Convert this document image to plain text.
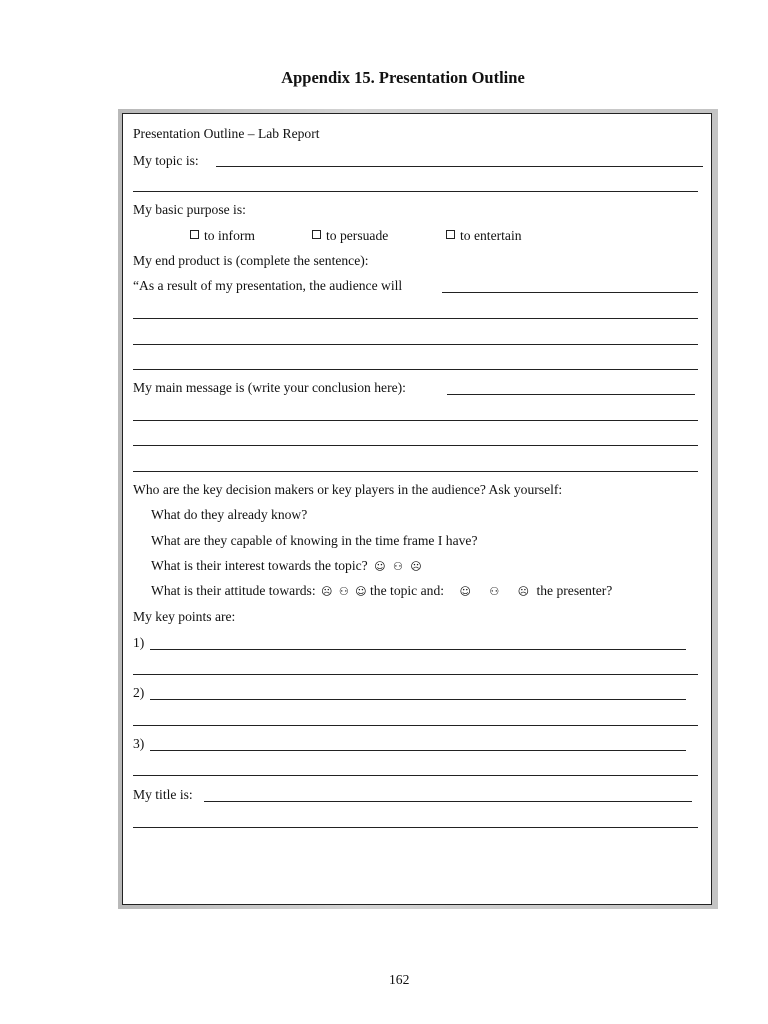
Appendix 15. Presentation Outline
Presentation Outline – Lab Report
My topic is:
My basic purpose is:
to inform	to persuade	to entertain
My end product is (complete the sentence):
“As a result of my presentation, the audience will
My main message is (write your conclusion here):
Who are the key decision makers or key players in the audience? Ask yourself:
What do they already know?
What are they capable of knowing in the time frame I have?
What is their interest towards the topic? ☺ ⚇ ☹
What is their attitude towards: ☹ ⚇ ☺ the topic and: ☺ ⚇ ☹ the presenter?
My key points are:
1)
2)
3)
My title is:
162
